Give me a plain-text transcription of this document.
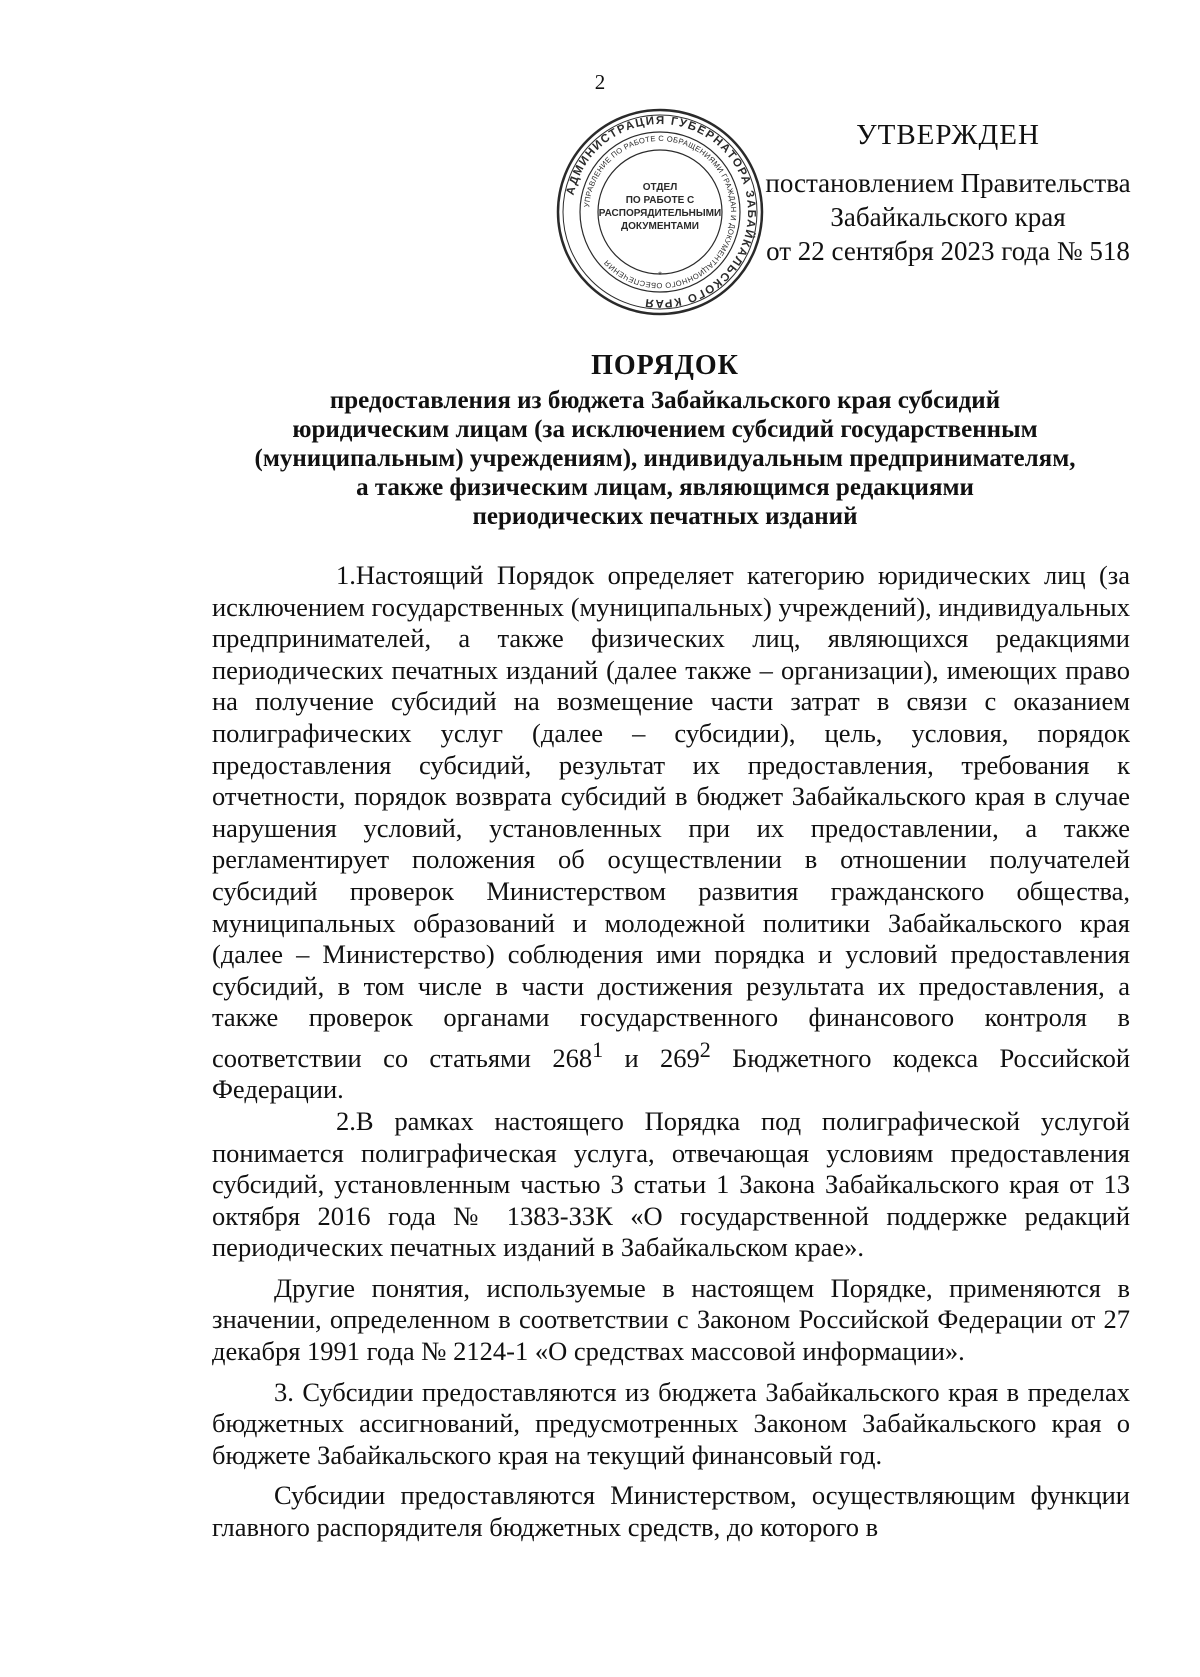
2
АДМИНИСТРАЦИЯ ГУБЕРНАТОРА ЗАБАЙКАЛЬСКОГО КРАЯ
УПРАВЛЕНИЕ ПО РАБОТЕ С ОБРАЩЕНИЯМИ ГРАЖДАН И ДОКУМЕНТАЦИОННОГО ОБЕСПЕЧЕНИЯ
ОТДЕЛ ПО РАБОТЕ С РАСПОРЯДИТЕЛЬНЫМИ ДОКУМЕНТАМИ
*
УТВЕРЖДЕН
постановлением Правительства
Забайкальского края
от 22 сентября 2023 года № 518
ПОРЯДОК
предоставления из бюджета Забайкальского края субсидий
юридическим лицам (за исключением субсидий государственным
(муниципальным) учреждениям), индивидуальным предпринимателям,
а также физическим лицам, являющимся редакциями
периодических печатных изданий

1.Настоящий Порядок определяет категорию юридических лиц (за исключением государственных (муниципальных) учреждений), индивидуальных предпринимателей, а также физических лиц, являющихся редакциями периодических печатных изданий (далее также – организации), имеющих право на получение субсидий на возмещение части затрат в связи с оказанием полиграфических услуг (далее – субсидии), цель, условия, порядок предоставления субсидий, результат их предоставления, требования к отчетности, порядок возврата субсидий в бюджет Забайкальского края в случае нарушения условий, установленных при их предоставлении, а также регламентирует положения об осуществлении в отношении получателей субсидий проверок Министерством развития гражданского общества, муниципальных образований и молодежной политики Забайкальского края (далее – Министерство) соблюдения ими порядка и условий предоставления субсидий, в том числе в части достижения результата их предоставления, а также проверок органами государственного финансового контроля в соответствии со статьями $268^1$ и $269^2$ Бюджетного кодекса Российской Федерации.

2.В рамках настоящего Порядка под полиграфической услугой понимается полиграфическая услуга, отвечающая условиям предоставления субсидий, установленным частью 3 статьи 1 Закона Забайкальского края от 13 октября 2016 года № 1383-ЗЗК «О государственной поддержке редакций периодических печатных изданий в Забайкальском крае».

Другие понятия, используемые в настоящем Порядке, применяются в значении, определенном в соответствии с Законом Российской Федерации от 27 декабря 1991 года № 2124-1 «О средствах массовой информации».

3. Субсидии предоставляются из бюджета Забайкальского края в пределах бюджетных ассигнований, предусмотренных Законом Забайкальского края о бюджете Забайкальского края на текущий финансовый год.

Субсидии предоставляются Министерством, осуществляющим функции главного распорядителя бюджетных средств, до которого в
